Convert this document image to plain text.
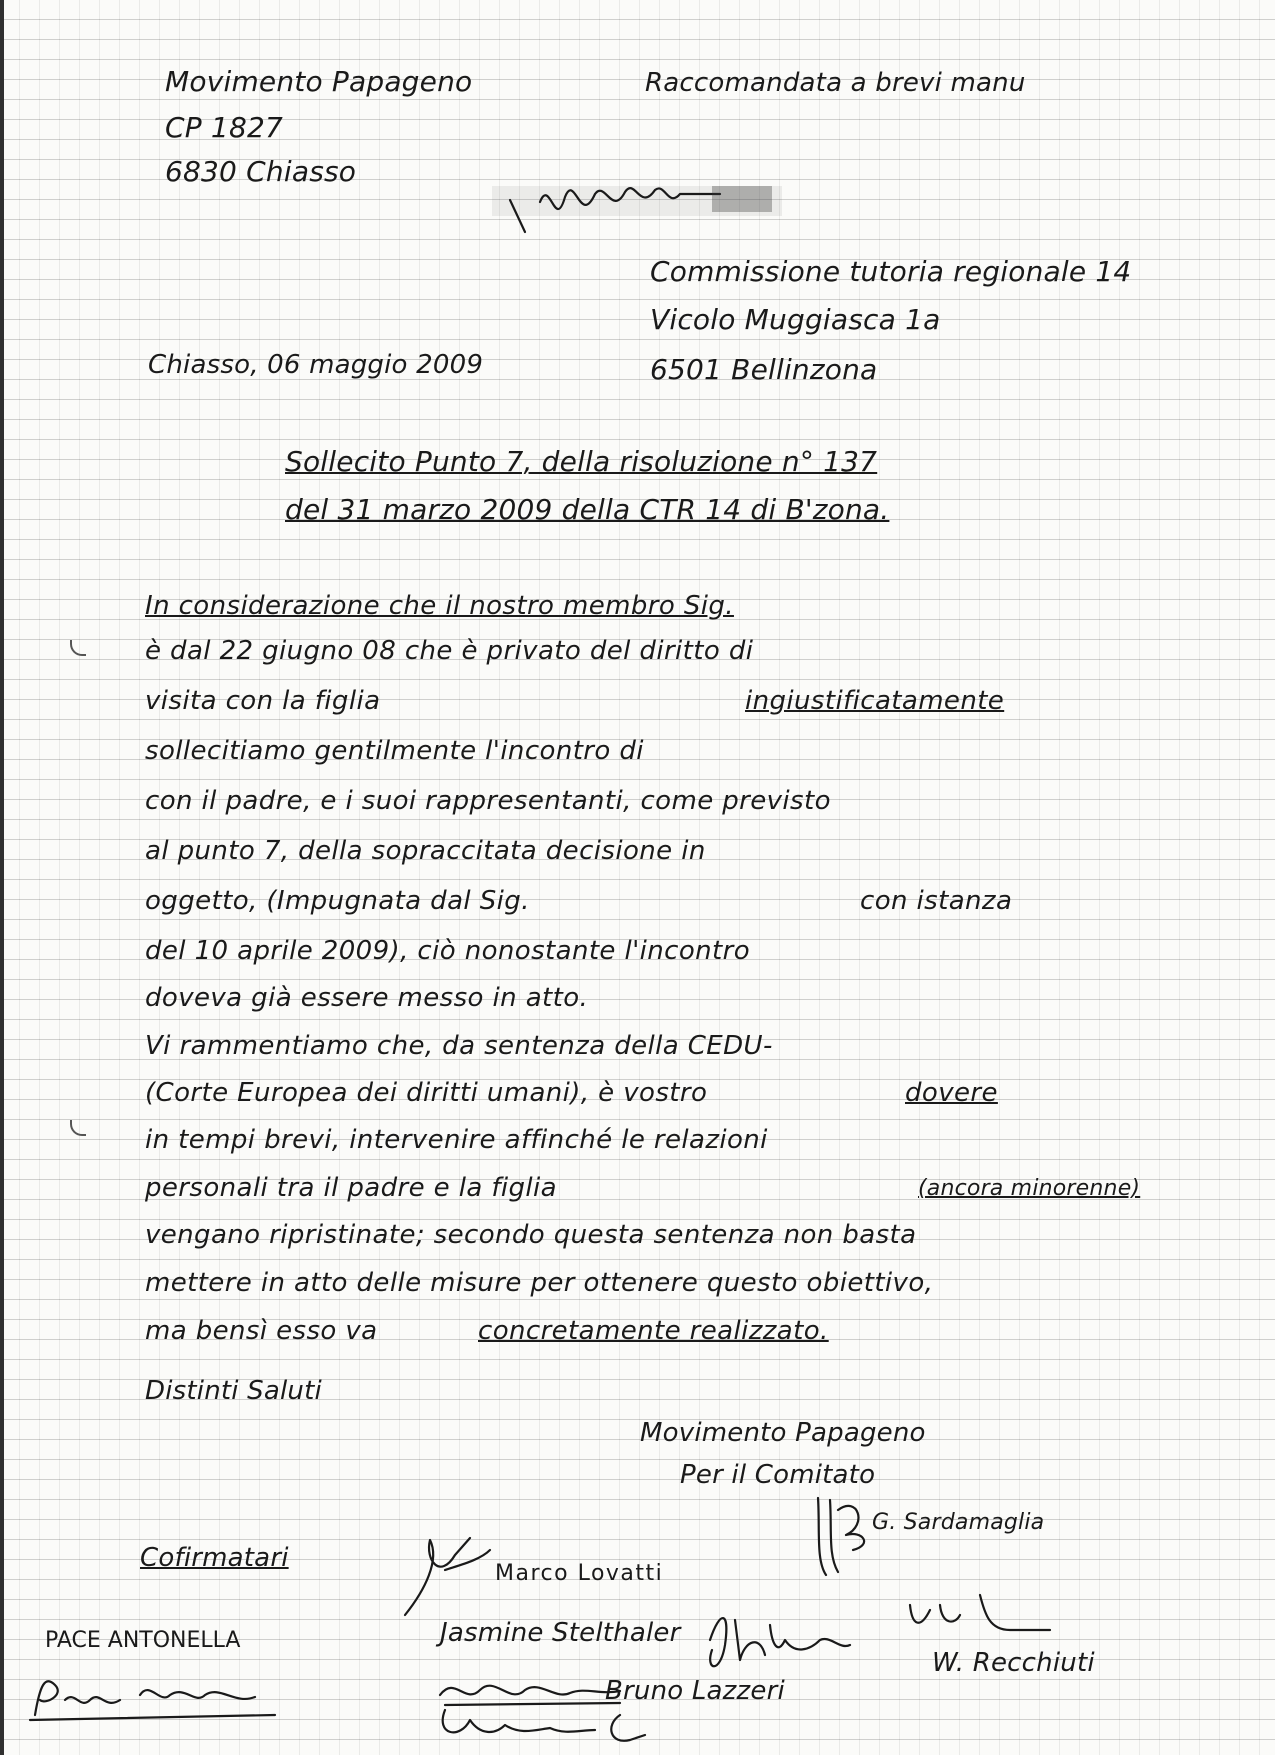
Movimento Papageno

CP 1827

6830 Chiasso

Raccomandata a brevi manu

Commissione tutoria regionale 14

Vicolo Muggiasca 1a

6501 Bellinzona

Chiasso, 06 maggio 2009

Sollecito Punto 7, della risoluzione n° 137

del 31 marzo 2009 della CTR 14 di B'zona.

In considerazione che il nostro membro Sig.

è dal 22 giugno 08 che è privato del diritto di

visita con la figlia	ingiustificatamente

sollecitiamo gentilmente l'incontro di

con il padre, e i suoi rappresentanti, come previsto

al punto 7, della sopraccitata decisione in

oggetto, (Impugnata dal Sig.	con istanza

del 10 aprile 2009), ciò nonostante l'incontro

doveva già essere messo in atto.

Vi rammentiamo che, da sentenza della CEDU-

(Corte Europea dei diritti umani), è vostro	dovere

in tempi brevi, intervenire affinché le relazioni

personali tra il padre e la figlia	(ancora minorenne)

vengano ripristinate; secondo questa sentenza non basta

mettere in atto delle misure per ottenere questo obiettivo,

ma bensì esso va	concretamente realizzato.

Distinti Saluti

Movimento Papageno

Per il Comitato

Cofirmatari

G. Sardamaglia

Marco Lovatti

Jasmine Stelthaler

W. Recchiuti

Bruno Lazzeri

PACE ANTONELLA
